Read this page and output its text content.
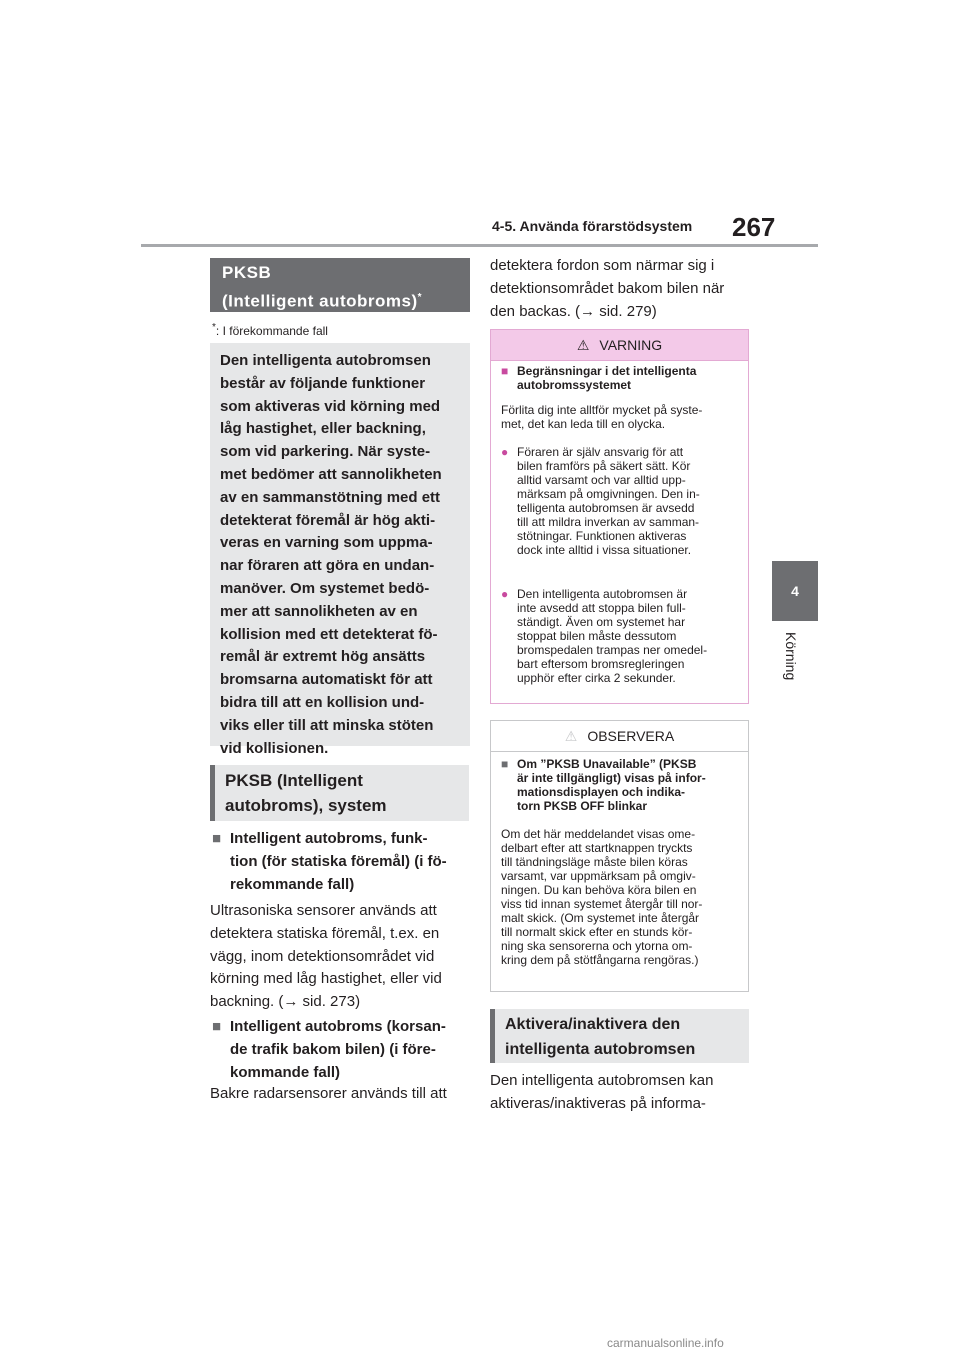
4-5. Använda förarstödsystem 267
4
Körning
PKSB
(Intelligent autobroms)*
*: I förekommande fall
Den intelligenta autobromsen
består av följande funktioner
som aktiveras vid körning med
låg hastighet, eller backning,
som vid parkering. När syste-
met bedömer att sannolikheten
av en sammanstötning med ett
detekterat föremål är hög akti-
veras en varning som uppma-
nar föraren att göra en undan-
manöver. Om systemet bedö-
mer att sannolikheten av en
kollision med ett detekterat fö-
remål är extremt hög ansätts
bromsarna automatiskt för att
bidra till att en kollision und-
viks eller till att minska stöten
vid kollisionen.
PKSB (Intelligent
autobroms), system
■ Intelligent autobroms, funk-
tion (för statiska föremål) (i fö-
rekommande fall)
Ultrasoniska sensorer används att
detektera statiska föremål, t.ex. en
vägg, inom detektionsområdet vid
körning med låg hastighet, eller vid
backning. (→ sid. 273)
■ Intelligent autobroms (korsan-
de trafik bakom bilen) (i före-
kommande fall)
Bakre radarsensorer används till att
detektera fordon som närmar sig i
detektionsområdet bakom bilen när
den backas. (→ sid. 279)
⚠ VARNING
■ Begränsningar i det intelligenta
autobromssystemet
Förlita dig inte alltför mycket på syste-
met, det kan leda till en olycka.
● Föraren är själv ansvarig för att
bilen framförs på säkert sätt. Kör
alltid varsamt och var alltid upp-
märksam på omgivningen. Den in-
telligenta autobromsen är avsedd
till att mildra inverkan av samman-
stötningar. Funktionen aktiveras
dock inte alltid i vissa situationer.
● Den intelligenta autobromsen är
inte avsedd att stoppa bilen full-
ständigt. Även om systemet har
stoppat bilen måste dessutom
bromspedalen trampas ner omedel-
bart eftersom bromsregleringen
upphör efter cirka 2 sekunder.
⚠ OBSERVERA
■ Om ”PKSB Unavailable” (PKSB
är inte tillgängligt) visas på infor-
mationsdisplayen och indika-
torn PKSB OFF blinkar
Om det här meddelandet visas ome-
delbart efter att startknappen tryckts
till tändningsläge måste bilen köras
varsamt, var uppmärksam på omgiv-
ningen. Du kan behöva köra bilen en
viss tid innan systemet återgår till nor-
malt skick. (Om systemet inte återgår
till normalt skick efter en stunds kör-
ning ska sensorerna och ytorna om-
kring dem på stötfångarna rengöras.)
Aktivera/inaktivera den
intelligenta autobromsen
Den intelligenta autobromsen kan
aktiveras/inaktiveras på informa-
carmanualsonline.info
